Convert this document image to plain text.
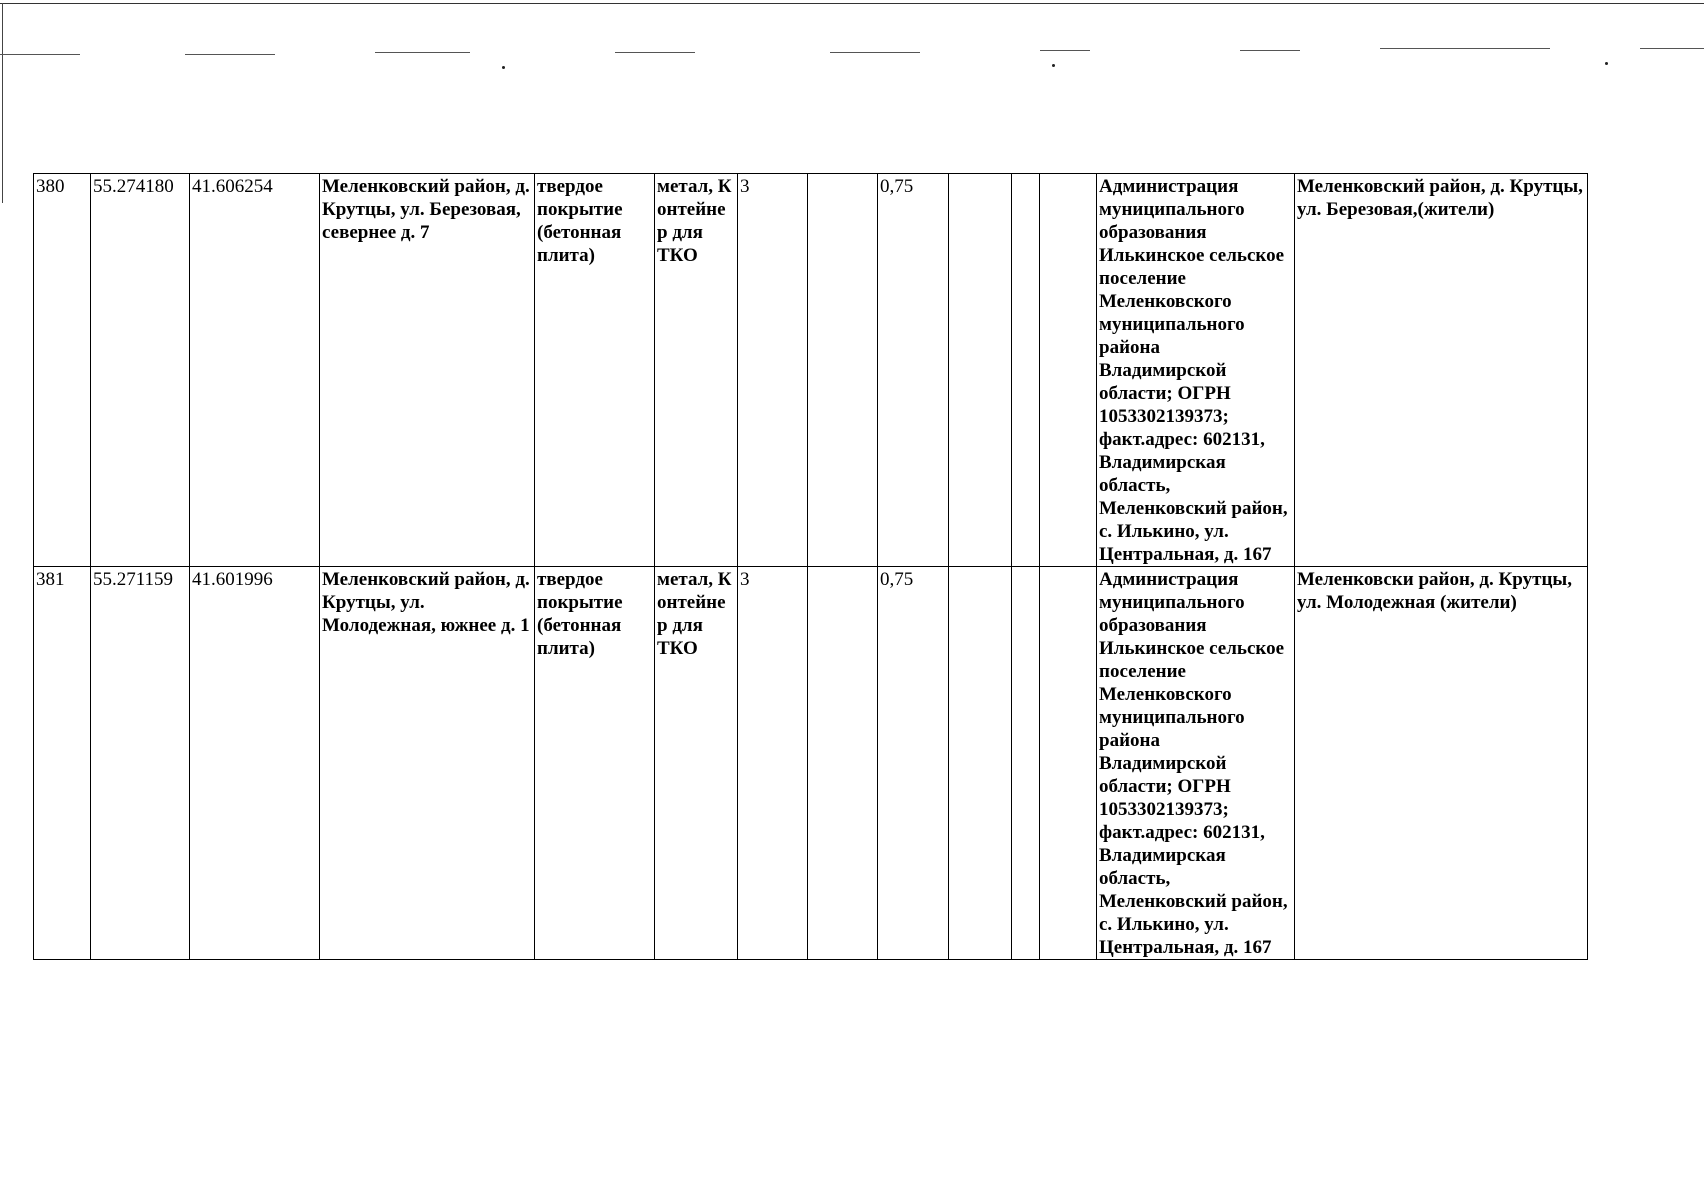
380	55.274180	41.606254	Меленковский район, д. Крутцы, ул. Березовая, севернее д. 7	твердое покрытие (бетонная плита)	метал, К онтейне р для ТКО	3		0,75				Администрация муниципального образования Илькинское сельское поселение Меленковского муниципального района Владимирской области; ОГРН 1053302139373; факт.адрес: 602131, Владимирская область, Меленковский район, с. Илькино, ул. Центральная, д. 167	Меленковский район, д. Крутцы, ул. Березовая,(жители)
381	55.271159	41.601996	Меленковский район, д. Крутцы, ул. Молодежная, южнее д. 1	твердое покрытие (бетонная плита)	метал, К онтейне р для ТКО	3		0,75				Администрация муниципального образования Илькинское сельское поселение Меленковского муниципального района Владимирской области; ОГРН 1053302139373; факт.адрес: 602131, Владимирская область, Меленковский район, с. Илькино, ул. Центральная, д. 167	Меленковски район, д. Крутцы, ул. Молодежная (жители)
